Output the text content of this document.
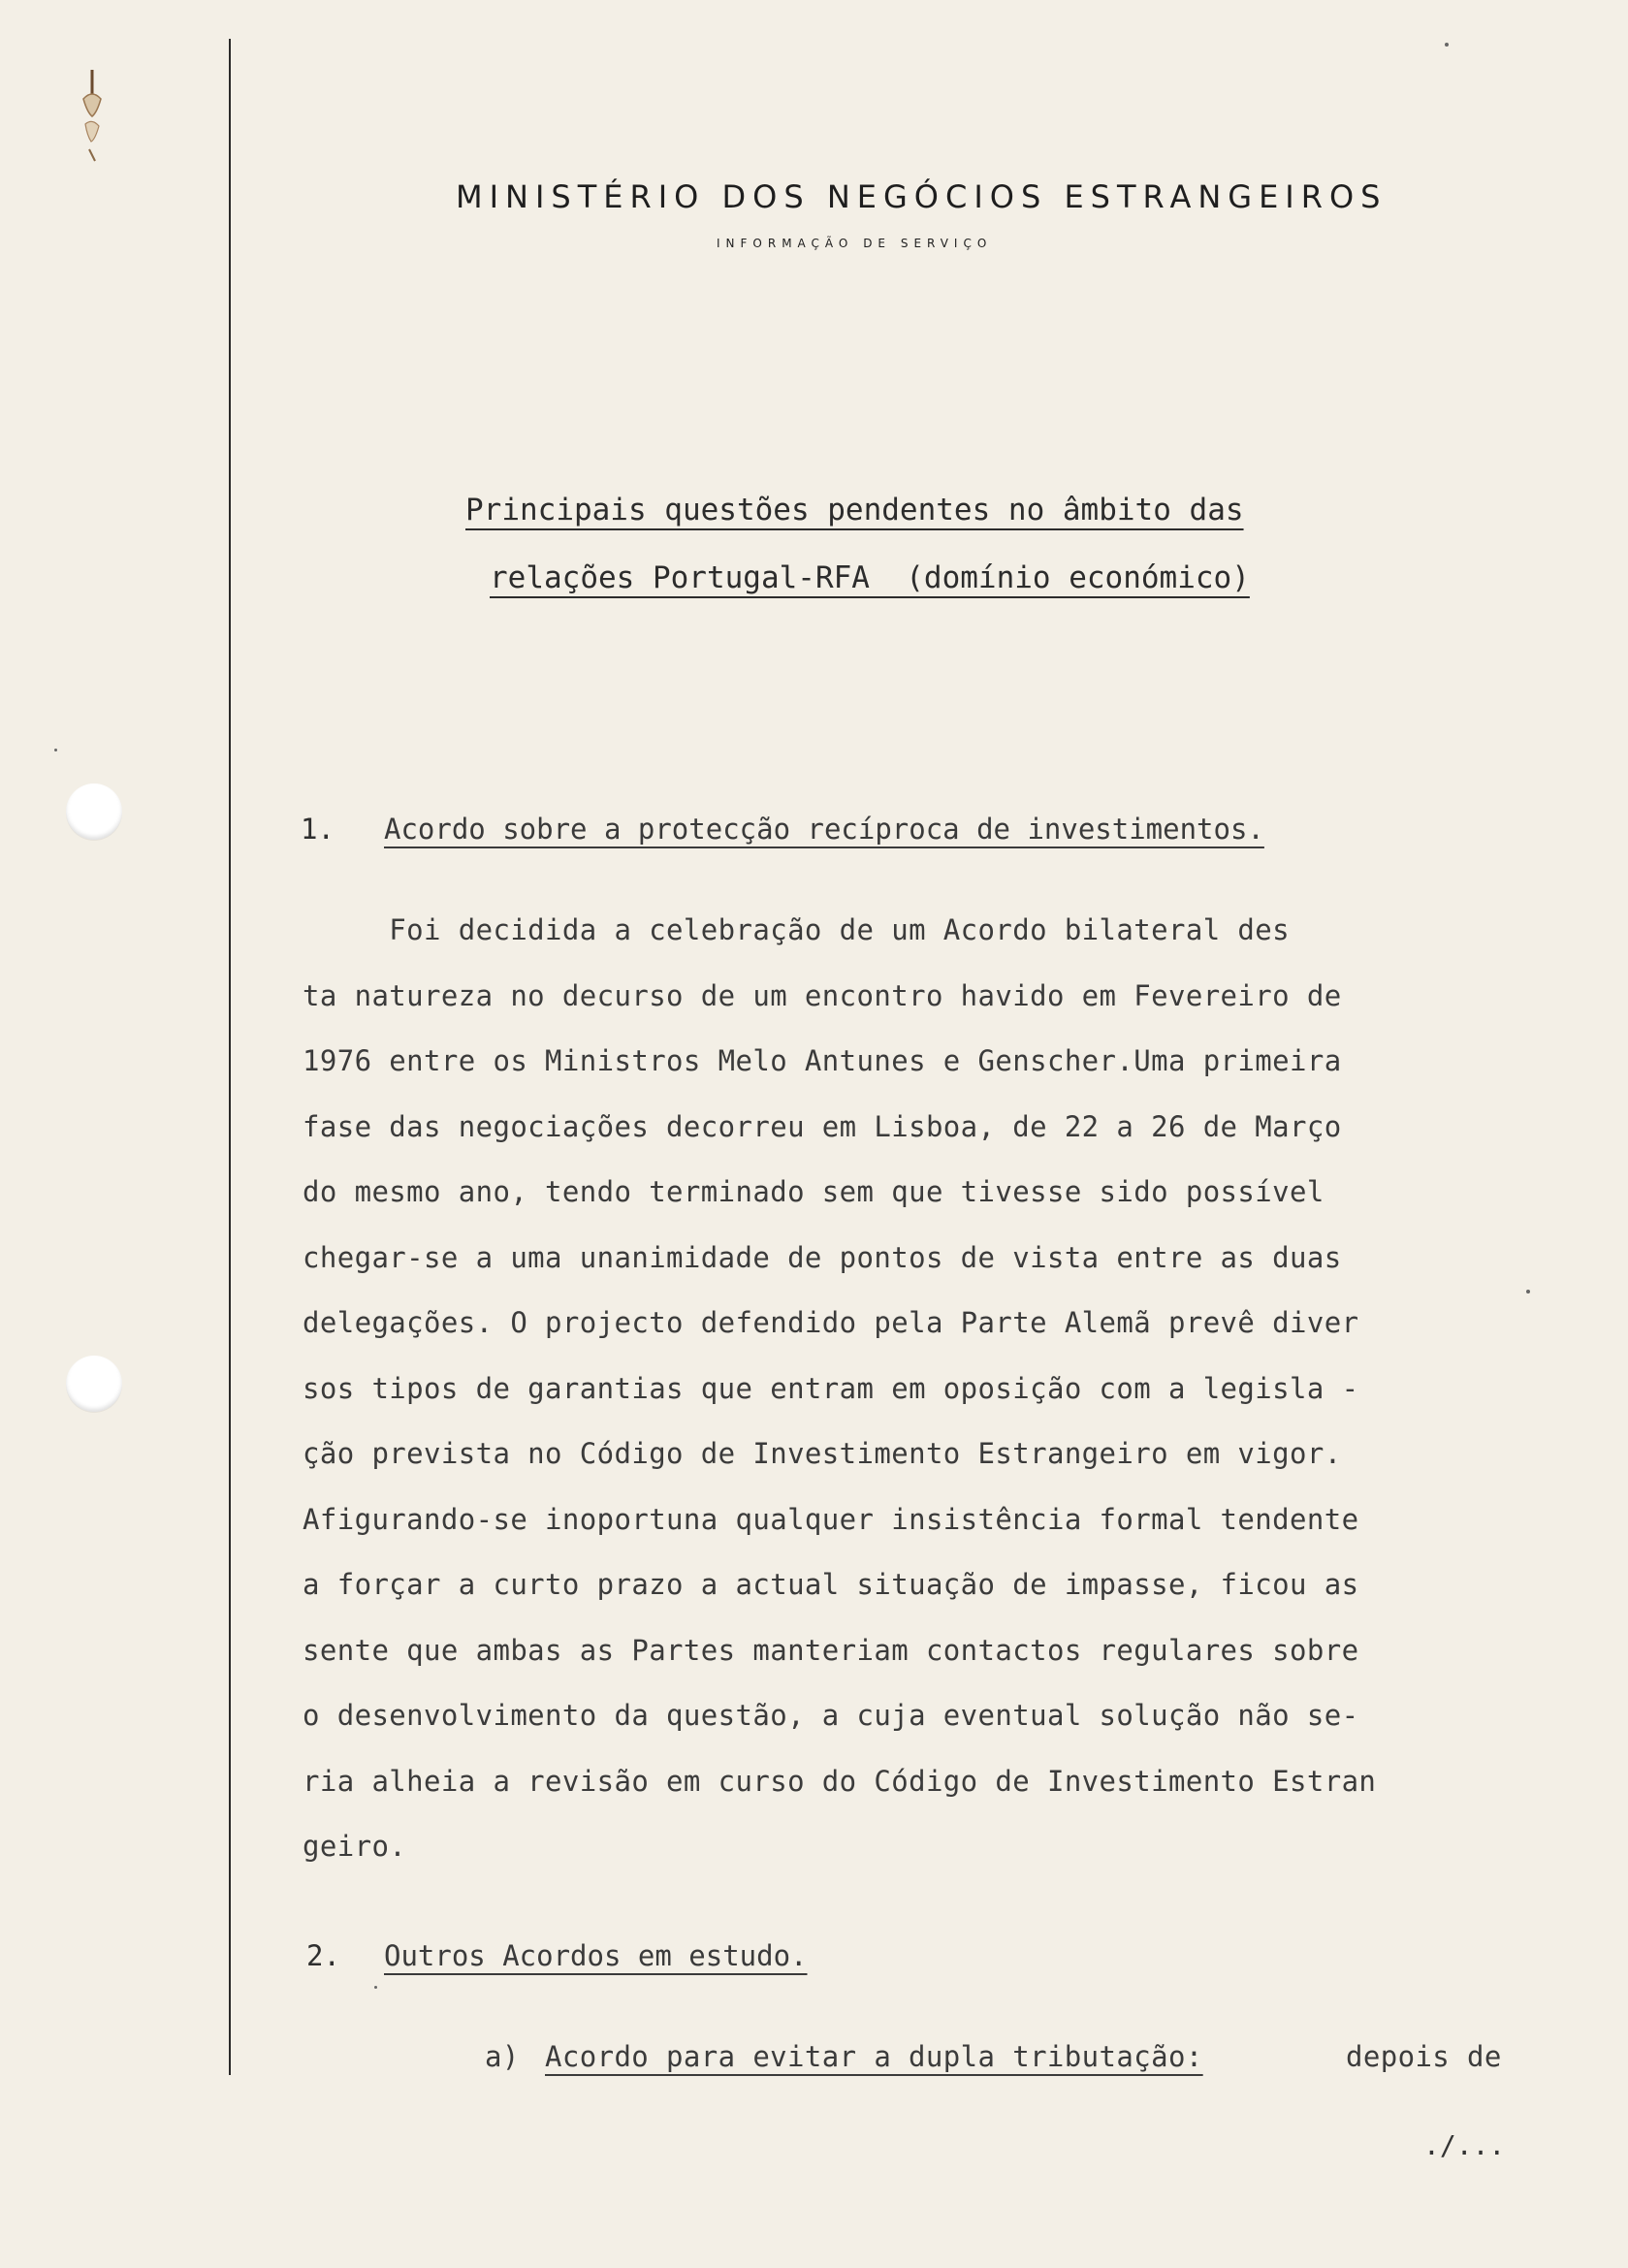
MINISTÉRIO DOS NEGÓCIOS ESTRANGEIROS
INFORMAÇÃO DE SERVIÇO
Principais questões pendentes no âmbito das
relações Portugal-RFA  (domínio económico)
1. Acordo sobre a protecção recíproca de investimentos.
Foi decidida a celebração de um Acordo bilateral des
ta natureza no decurso de um encontro havido em Fevereiro de
1976 entre os Ministros Melo Antunes e Genscher.Uma primeira
fase das negociações decorreu em Lisboa, de 22 a 26 de Março
do mesmo ano, tendo terminado sem que tivesse sido possível
chegar-se a uma unanimidade de pontos de vista entre as duas
delegações. O projecto defendido pela Parte Alemã prevê diver
sos tipos de garantias que entram em oposição com a legisla -
ção prevista no Código de Investimento Estrangeiro em vigor.
Afigurando-se inoportuna qualquer insistência formal tendente
a forçar a curto prazo a actual situação de impasse, ficou as
sente que ambas as Partes manteriam contactos regulares sobre
o desenvolvimento da questão, a cuja eventual solução não se-
ria alheia a revisão em curso do Código de Investimento Estran
geiro.
2. Outros Acordos em estudo.
a) Acordo para evitar a dupla tributação:	depois de
./...
